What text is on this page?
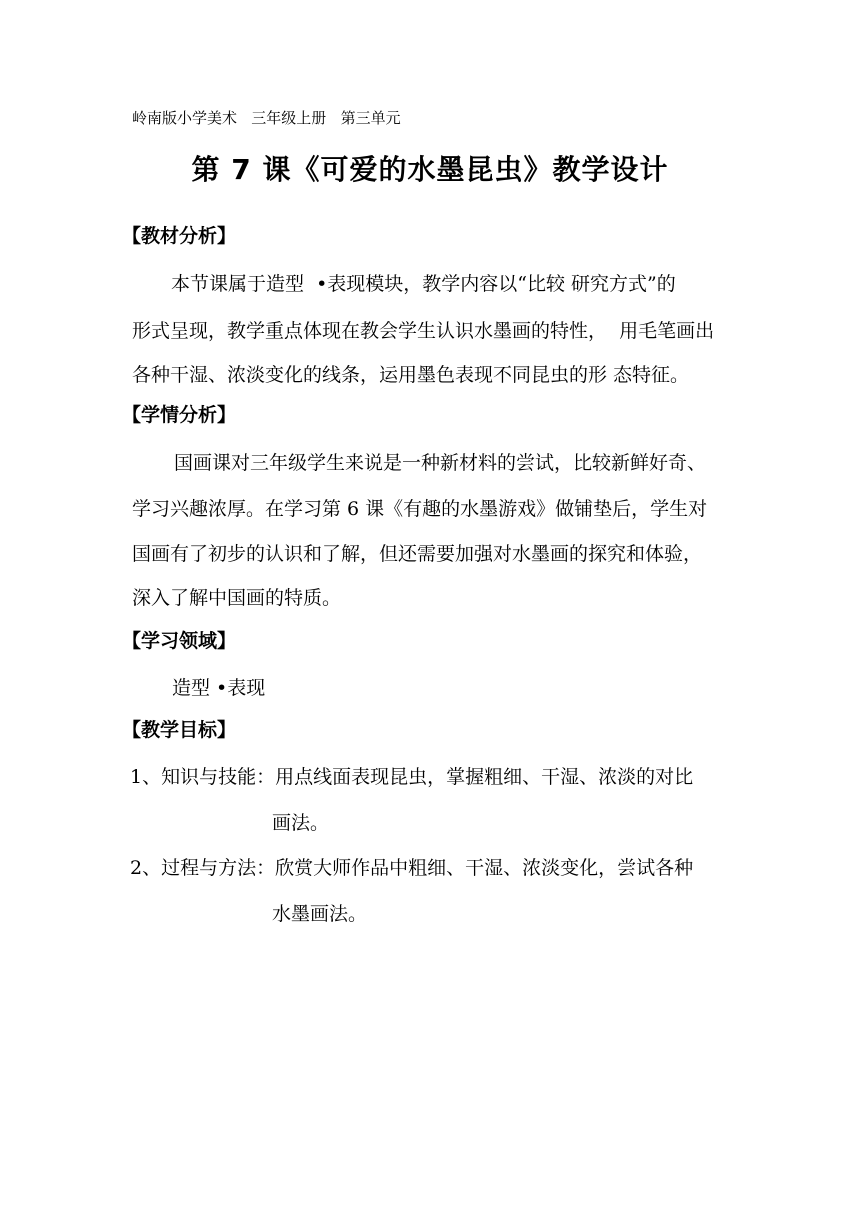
岭南版小学美术   三年级上册   第三单元
第 7 课《可爱的水墨昆虫》教学设计
【教材分析】
本节课属于造型  •表现模块，教学内容以“比较 研究方式”的
形式呈现，教学重点体现在教会学生认识水墨画的特性，  用毛笔画出
各种干湿、浓淡变化的线条，运用墨色表现不同昆虫的形 态特征。
【学情分析】
国画课对三年级学生来说是一种新材料的尝试，比较新鲜好奇、
学习兴趣浓厚。在学习第 6 课《有趣的水墨游戏》做铺垫后，学生对
国画有了初步的认识和了解，但还需要加强对水墨画的探究和体验，
深入了解中国画的特质。
【学习领域】
造型 •表现
【教学目标】
1、知识与技能：用点线面表现昆虫，掌握粗细、干湿、浓淡的对比
画法。
2、过程与方法：欣赏大师作品中粗细、干湿、浓淡变化，尝试各种
水墨画法。
